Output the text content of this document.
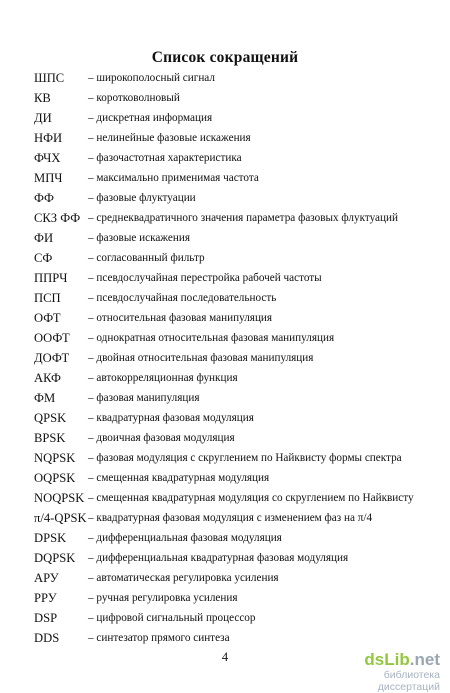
Список сокращений
ШПС	– широкополосный сигнал
КВ	– коротковолновый
ДИ	– дискретная информация
НФИ	– нелинейные фазовые искажения
ФЧХ	– фазочастотная характеристика
МПЧ	– максимально применимая частота
ФФ	– фазовые флуктуации
СКЗ ФФ – среднеквадратичного значения параметра фазовых флуктуаций
ФИ	– фазовые искажения
СФ	– согласованный фильтр
ППРЧ	– псевдослучайная перестройка рабочей частоты
ПСП	– псевдослучайная последовательность
ОФТ	– относительная фазовая манипуляция
ООФТ	– однократная относительная фазовая манипуляция
ДОФТ	– двойная относительная фазовая манипуляция
АКФ	– автокорреляционная функция
ФМ	– фазовая манипуляция
QPSK	– квадратурная фазовая модуляция
BPSK	– двоичная фазовая модуляция
NQPSK	– фазовая модуляция с скруглением по Найквисту формы спектра
OQPSK	– смещенная квадратурная модуляция
NOQPSK – смещенная квадратурная модуляция со скруглением по Найквисту
π/4-QPSK – квадратурная фазовая модуляция с изменением фаз на π/4
DPSK	– дифференциальная фазовая модуляция
DQPSK	– дифференциальная квадратурная фазовая модуляция
АРУ	– автоматическая регулировка усиления
РРУ	– ручная регулировка усиления
DSP	– цифровой сигнальный процессор
DDS	– синтезатор прямого синтеза
4	dsLib.net
библиотека диссертаций
